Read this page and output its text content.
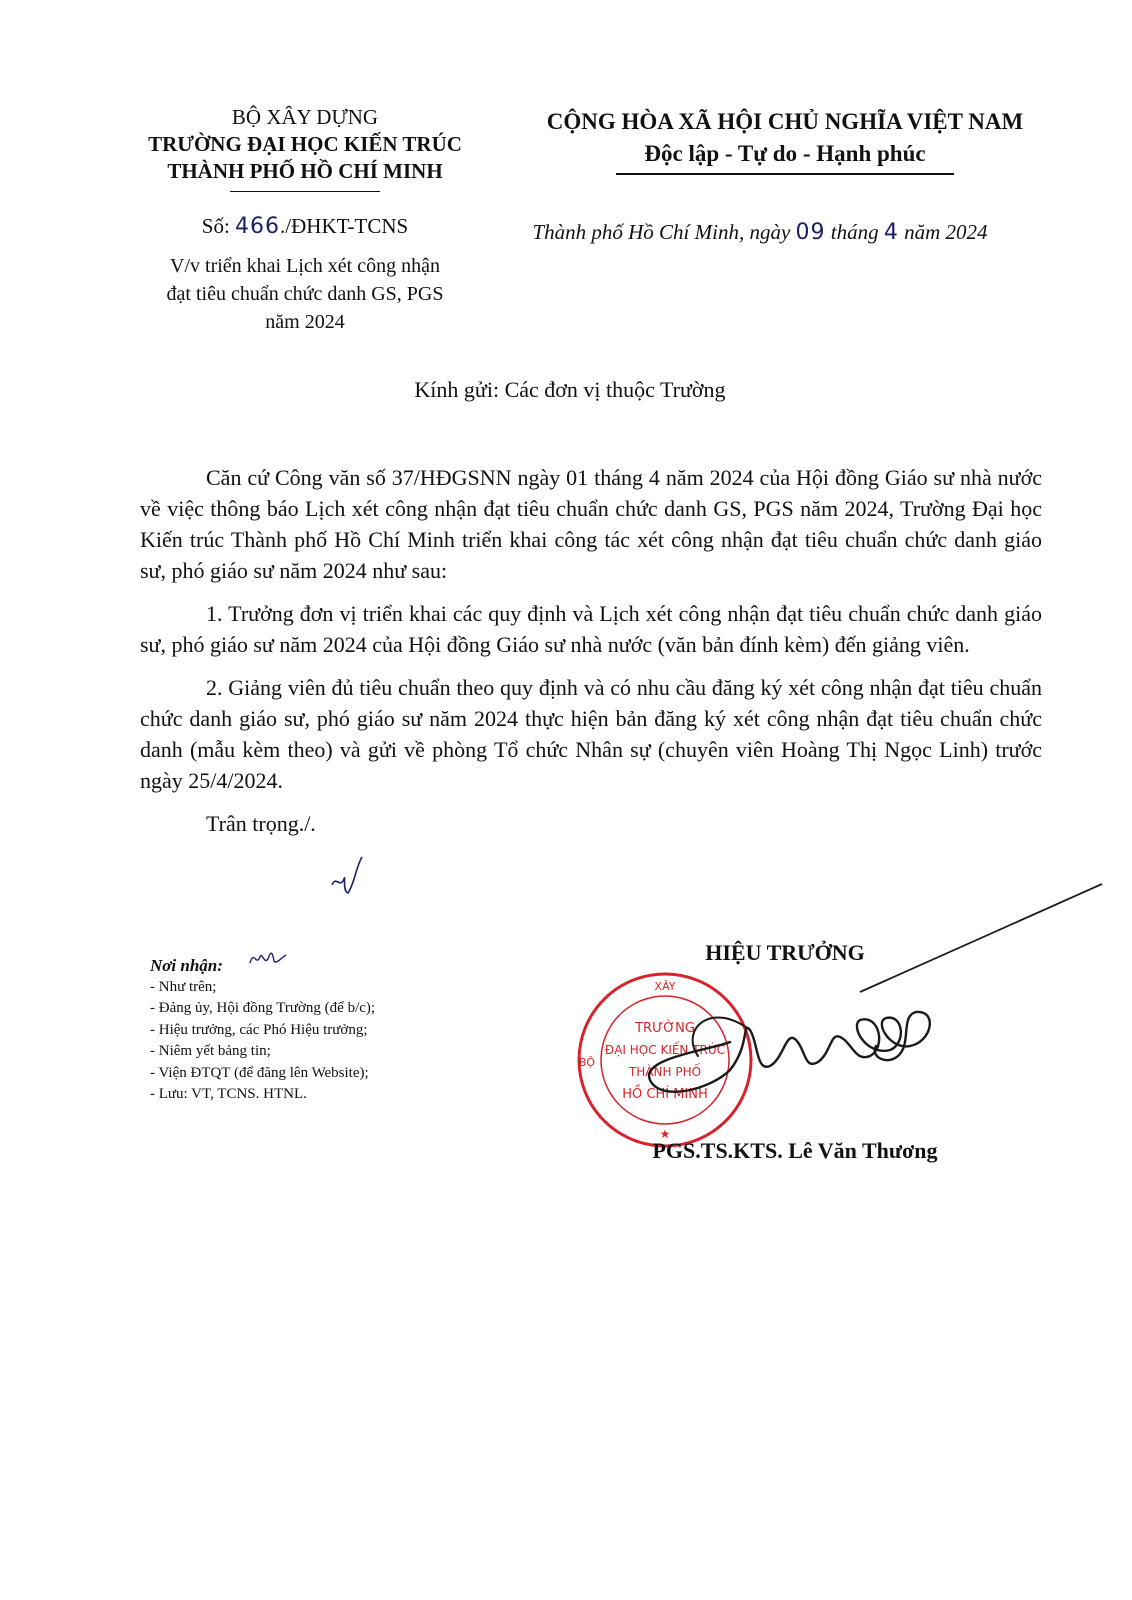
BỘ XÂY DỰNG
TRƯỜNG ĐẠI HỌC KIẾN TRÚC
THÀNH PHỐ HỒ CHÍ MINH
Số: 466./ĐHKT-TCNS
V/v triển khai Lịch xét công nhận
đạt tiêu chuẩn chức danh GS, PGS
năm 2024
CỘNG HÒA XÃ HỘI CHỦ NGHĨA VIỆT NAM
Độc lập - Tự do - Hạnh phúc
Thành phố Hồ Chí Minh, ngày 09 tháng 4 năm 2024
Kính gửi: Các đơn vị thuộc Trường

Căn cứ Công văn số 37/HĐGSNN ngày 01 tháng 4 năm 2024 của Hội đồng Giáo sư nhà nước về việc thông báo Lịch xét công nhận đạt tiêu chuẩn chức danh GS, PGS năm 2024, Trường Đại học Kiến trúc Thành phố Hồ Chí Minh triển khai công tác xét công nhận đạt tiêu chuẩn chức danh giáo sư, phó giáo sư năm 2024 như sau:

1. Trưởng đơn vị triển khai các quy định và Lịch xét công nhận đạt tiêu chuẩn chức danh giáo sư, phó giáo sư năm 2024 của Hội đồng Giáo sư nhà nước (văn bản đính kèm) đến giảng viên.

2. Giảng viên đủ tiêu chuẩn theo quy định và có nhu cầu đăng ký xét công nhận đạt tiêu chuẩn chức danh giáo sư, phó giáo sư năm 2024 thực hiện bản đăng ký xét công nhận đạt tiêu chuẩn chức danh (mẫu kèm theo) và gửi về phòng Tổ chức Nhân sự (chuyên viên Hoàng Thị Ngọc Linh) trước ngày 25/4/2024.

Trân trọng./.

Nơi nhận:
- Như trên;
- Đảng ủy, Hội đồng Trường (để b/c);
- Hiệu trưởng, các Phó Hiệu trưởng;
- Niêm yết bảng tin;
- Viện ĐTQT (để đăng lên Website);
- Lưu: VT, TCNS. HTNL.
HIỆU TRƯỞNG
XÂY
BỘ
TRƯỜNG
ĐẠI HỌC KIẾN TRÚC
THÀNH PHỐ
HỒ CHÍ MINH
★
PGS.TS.KTS. Lê Văn Thương
